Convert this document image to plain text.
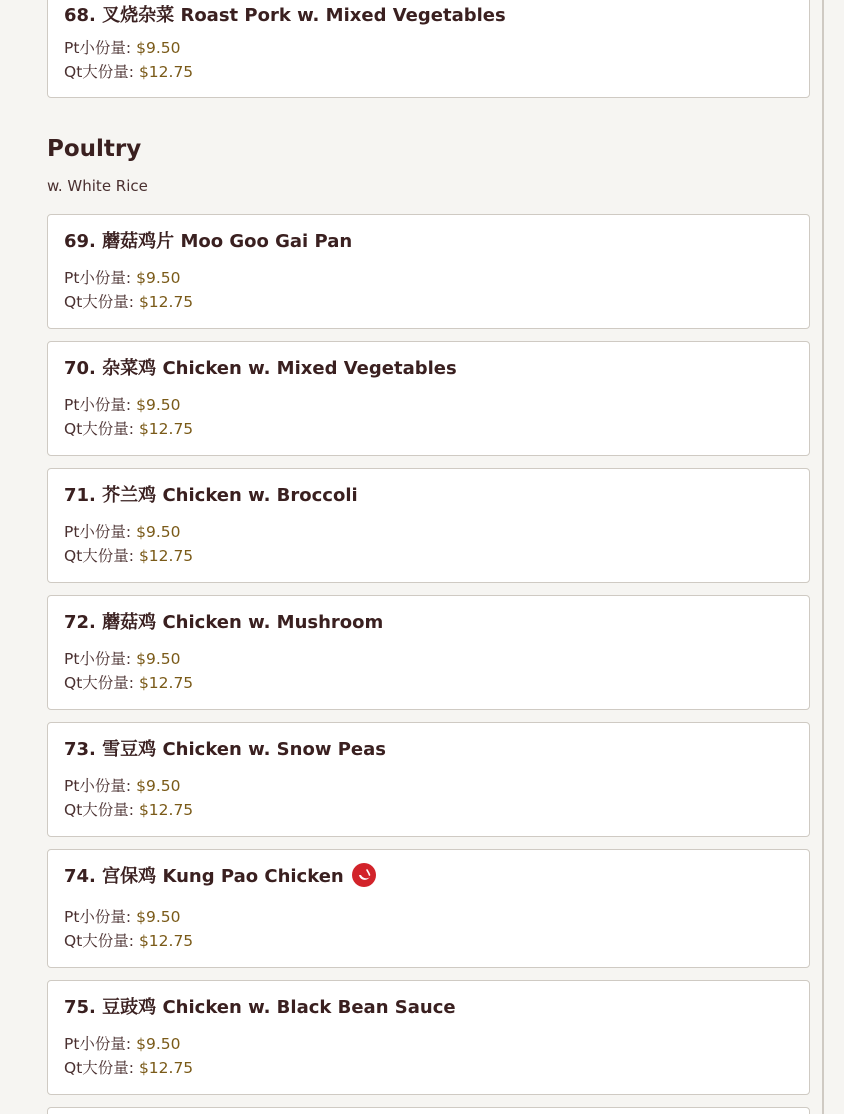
68. 叉烧杂菜 Roast Pork w. Mixed Vegetables
Pt小份量: $9.50
Qt大份量: $12.75
Poultry
w. White Rice
69. 蘑菇鸡片 Moo Goo Gai Pan
Pt小份量: $9.50
Qt大份量: $12.75
70. 杂菜鸡 Chicken w. Mixed Vegetables
Pt小份量: $9.50
Qt大份量: $12.75
71. 芥兰鸡 Chicken w. Broccoli
Pt小份量: $9.50
Qt大份量: $12.75
72. 蘑菇鸡 Chicken w. Mushroom
Pt小份量: $9.50
Qt大份量: $12.75
73. 雪豆鸡 Chicken w. Snow Peas
Pt小份量: $9.50
Qt大份量: $12.75
74. 宫保鸡 Kung Pao Chicken
Pt小份量: $9.50
Qt大份量: $12.75
75. 豆豉鸡 Chicken w. Black Bean Sauce
Pt小份量: $9.50
Qt大份量: $12.75
